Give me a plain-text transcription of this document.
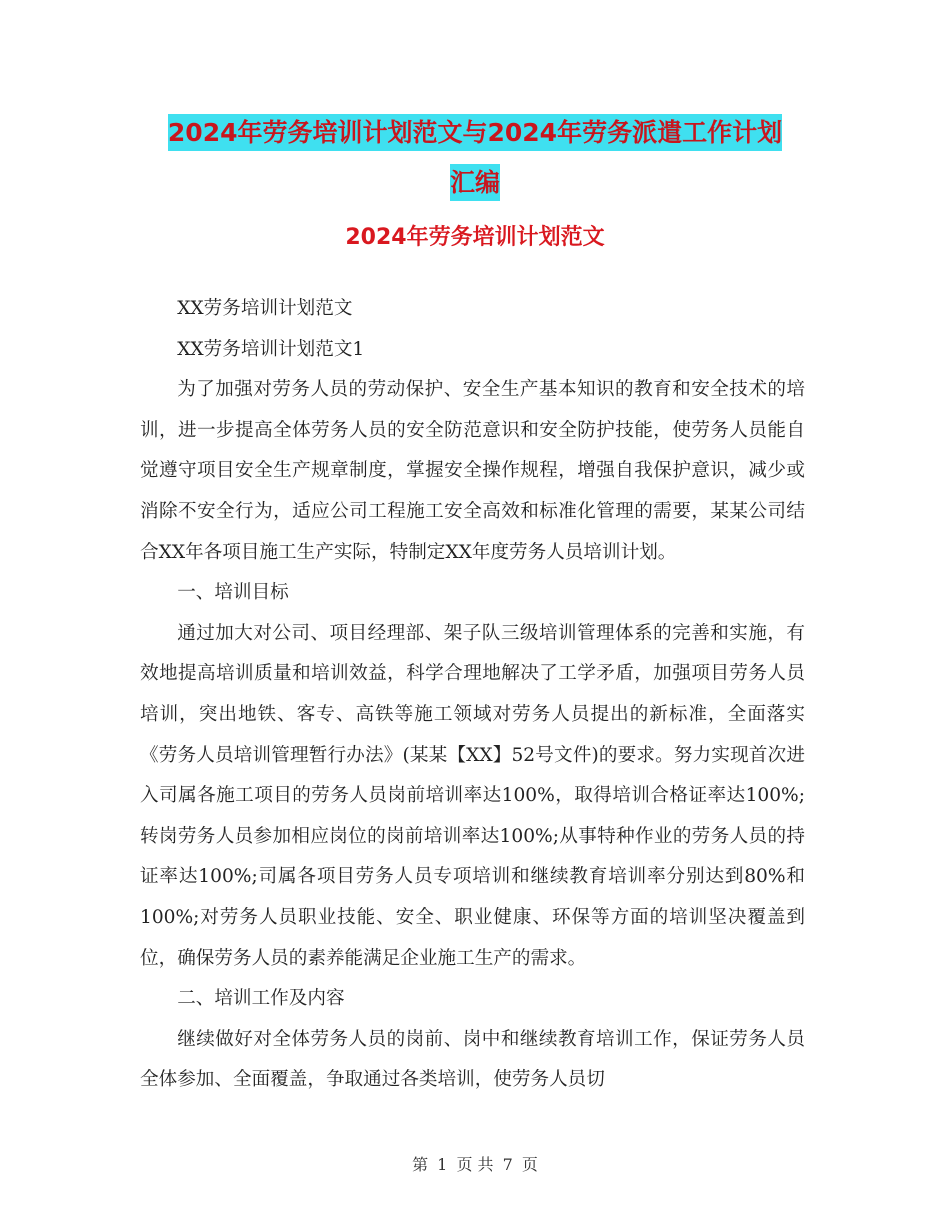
2024年劳务培训计划范文与2024年劳务派遣工作计划
汇编
2024年劳务培训计划范文

XX劳务培训计划范文

XX劳务培训计划范文1

为了加强对劳务人员的劳动保护、安全生产基本知识的教育和安全技术的培训，进一步提高全体劳务人员的安全防范意识和安全防护技能，使劳务人员能自觉遵守项目安全生产规章制度，掌握安全操作规程，增强自我保护意识，减少或消除不安全行为，适应公司工程施工安全高效和标准化管理的需要，某某公司结合XX年各项目施工生产实际，特制定XX年度劳务人员培训计划。

一、培训目标

通过加大对公司、项目经理部、架子队三级培训管理体系的完善和实施，有效地提高培训质量和培训效益，科学合理地解决了工学矛盾，加强项目劳务人员培训，突出地铁、客专、高铁等施工领域对劳务人员提出的新标准，全面落实《劳务人员培训管理暂行办法》(某某【XX】52号文件)的要求。努力实现首次进入司属各施工项目的劳务人员岗前培训率达100%，取得培训合格证率达100%;转岗劳务人员参加相应岗位的岗前培训率达100%;从事特种作业的劳务人员的持证率达100%;司属各项目劳务人员专项培训和继续教育培训率分别达到80%和100%;对劳务人员职业技能、安全、职业健康、环保等方面的培训坚决覆盖到位，确保劳务人员的素养能满足企业施工生产的需求。

二、培训工作及内容

继续做好对全体劳务人员的岗前、岗中和继续教育培训工作，保证劳务人员全体参加、全面覆盖，争取通过各类培训，使劳务人员切

第 1 页 共 7 页
